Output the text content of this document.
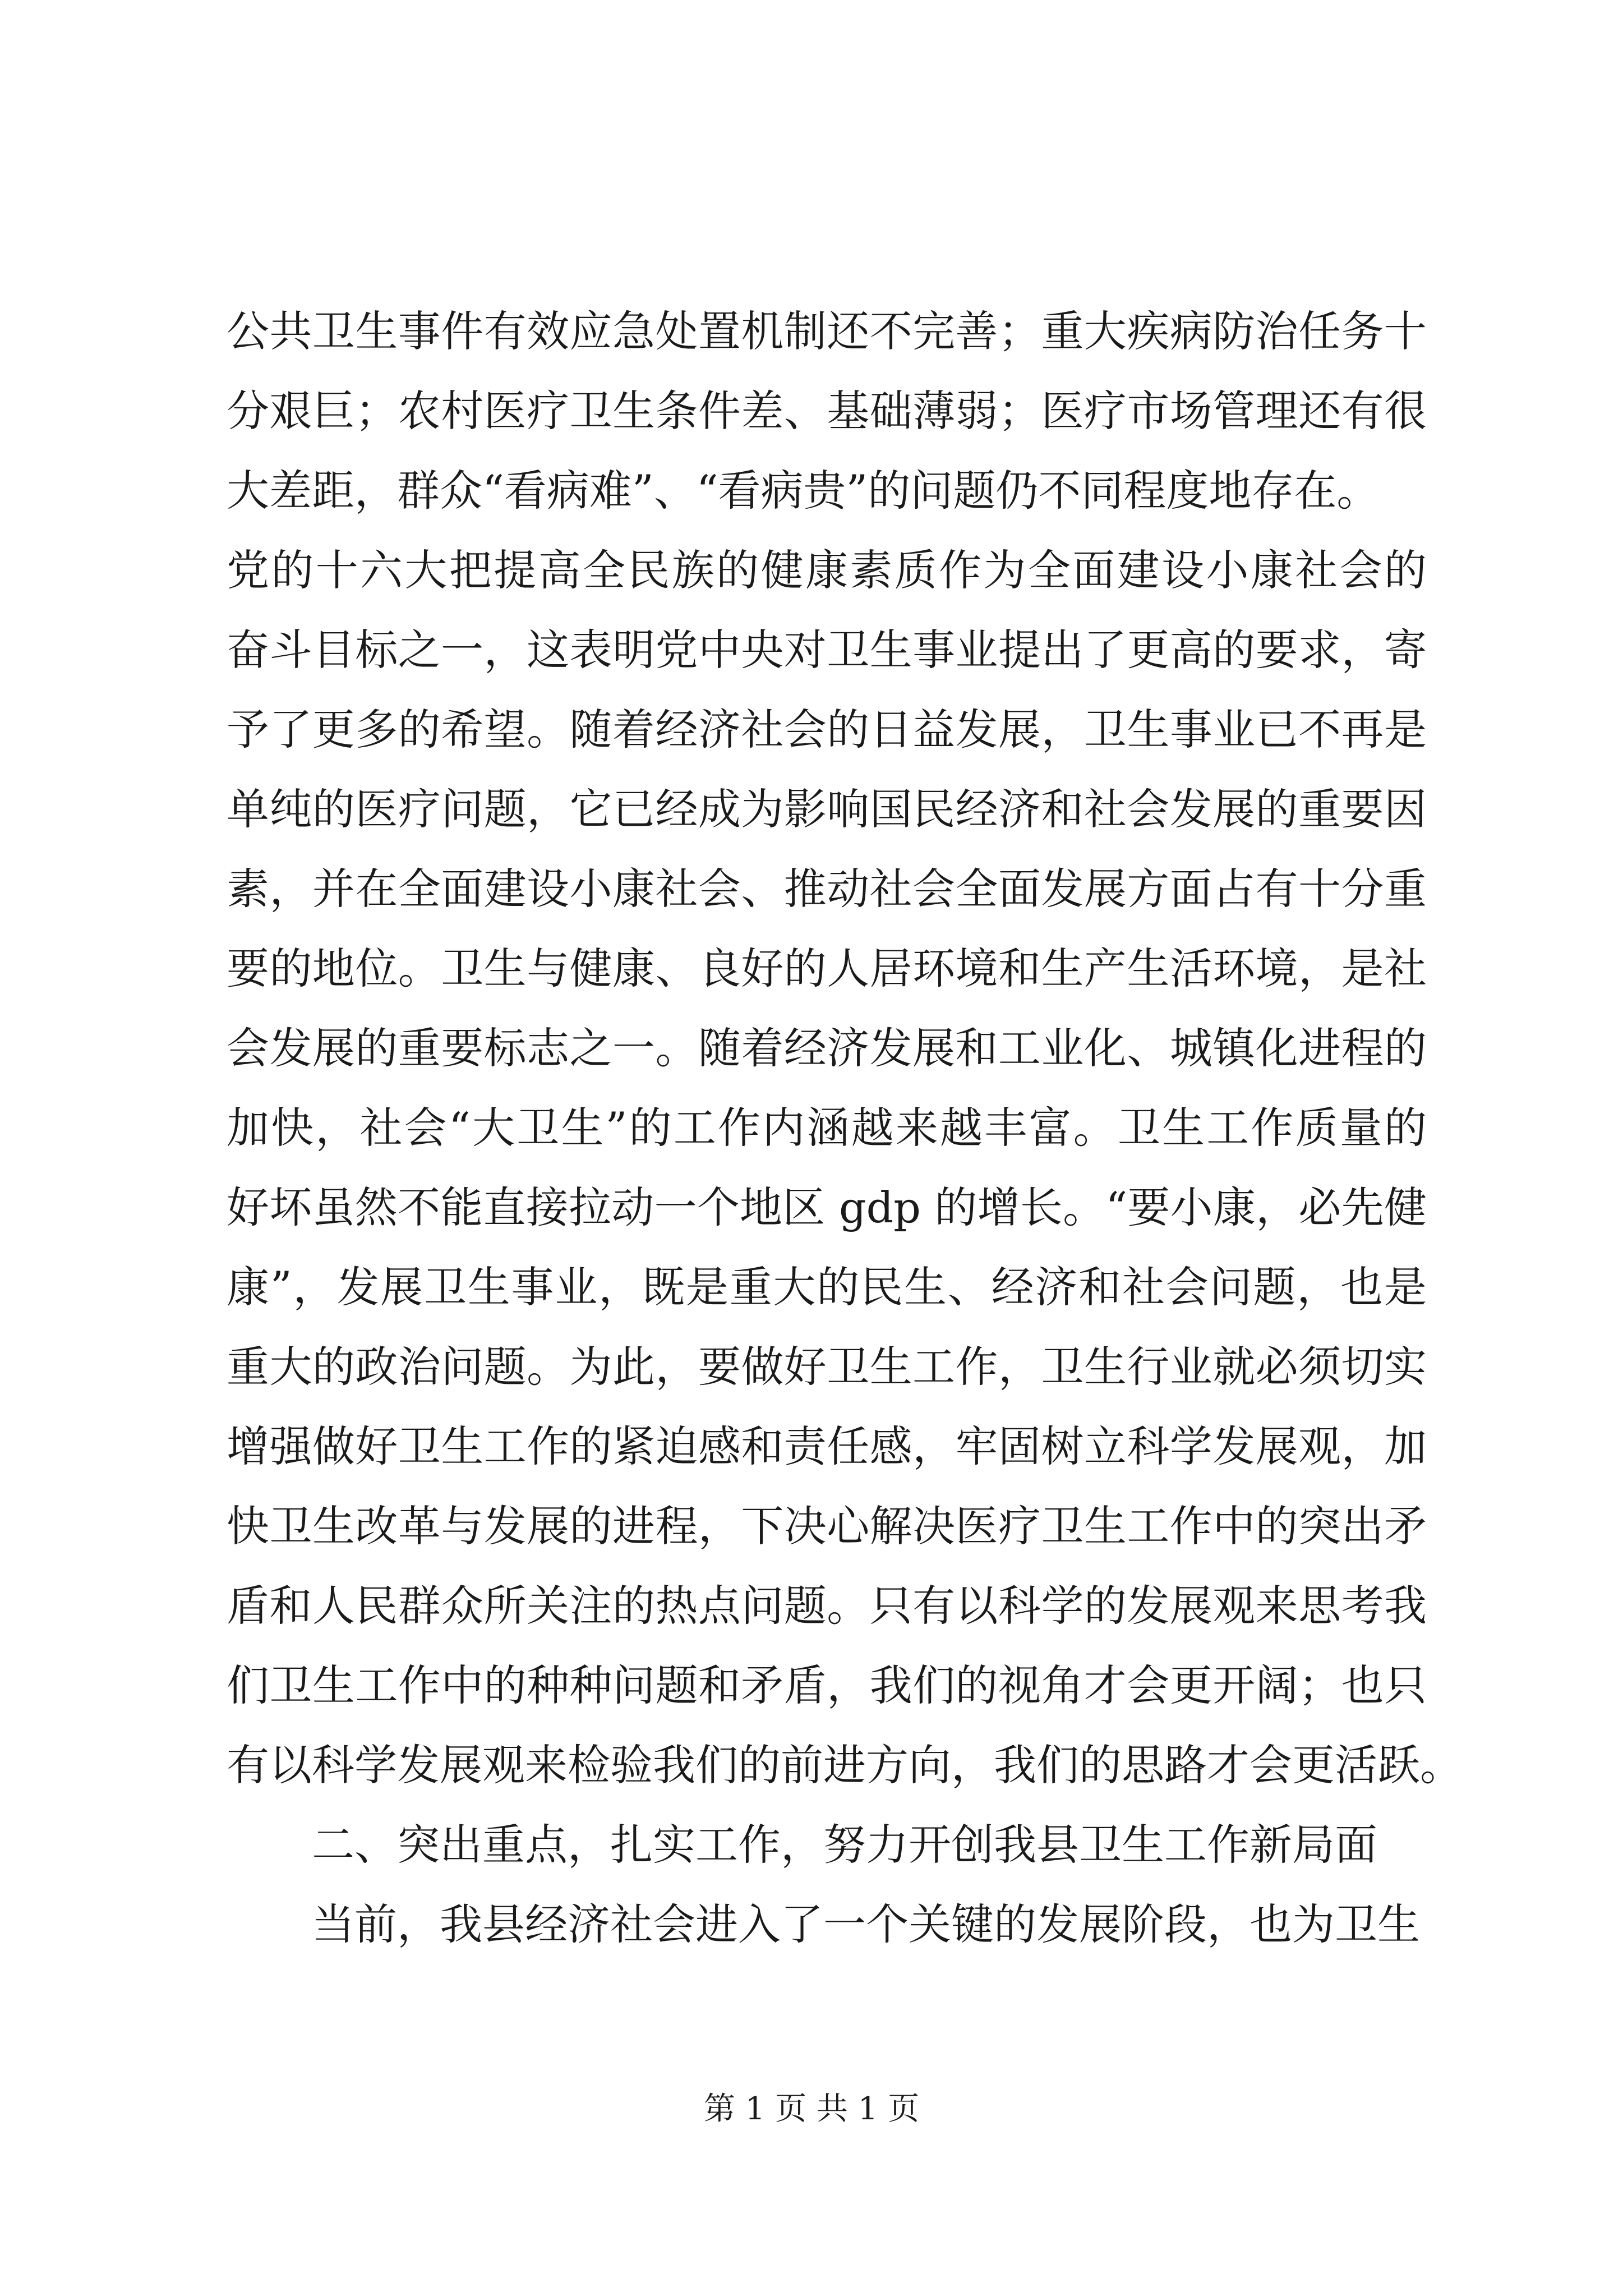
公共卫生事件有效应急处置机制还不完善；重大疾病防治任务十
分艰巨；农村医疗卫生条件差、基础薄弱；医疗市场管理还有很
大差距，群众“看病难”、“看病贵”的问题仍不同程度地存在。
党的十六大把提高全民族的健康素质作为全面建设小康社会的
奋斗目标之一，这表明党中央对卫生事业提出了更高的要求，寄
予了更多的希望。随着经济社会的日益发展，卫生事业已不再是
单纯的医疗问题，它已经成为影响国民经济和社会发展的重要因
素，并在全面建设小康社会、推动社会全面发展方面占有十分重
要的地位。卫生与健康、良好的人居环境和生产生活环境，是社
会发展的重要标志之一。随着经济发展和工业化、城镇化进程的
加快，社会“大卫生”的工作内涵越来越丰富。卫生工作质量的
好坏虽然不能直接拉动一个地区 gdp 的增长。“要小康，必先健
康”，发展卫生事业，既是重大的民生、经济和社会问题，也是
重大的政治问题。为此，要做好卫生工作，卫生行业就必须切实
增强做好卫生工作的紧迫感和责任感，牢固树立科学发展观，加
快卫生改革与发展的进程，下决心解决医疗卫生工作中的突出矛
盾和人民群众所关注的热点问题。只有以科学的发展观来思考我
们卫生工作中的种种问题和矛盾，我们的视角才会更开阔；也只
有以科学发展观来检验我们的前进方向，我们的思路才会更活跃。
二、突出重点，扎实工作，努力开创我县卫生工作新局面
当前，我县经济社会进入了一个关键的发展阶段，也为卫生
第 1 页 共 1 页
